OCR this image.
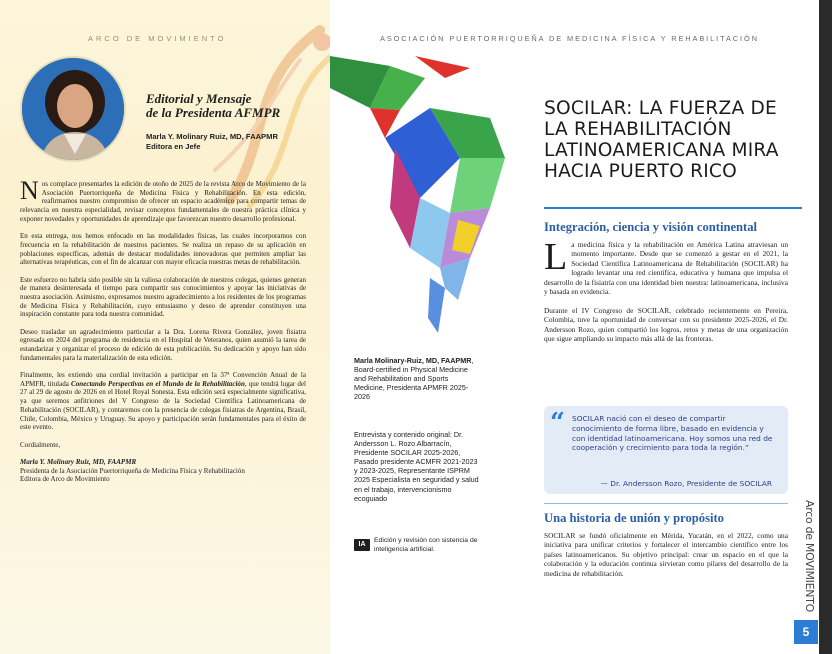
ARCO DE MOVIMIENTO
Editorial y Mensaje
de la Presidenta AFMPR
Marla Y. Molinary Ruiz, MD, FAAPMR
Editora en Jefe

Nos complace presentarles la edición de otoño de 2025 de la revista Arco de Movimiento de la Asociación Puertorriqueña de Medicina Física y Rehabilitación. En esta edición, reafirmamos nuestro compromiso de ofrecer un espacio académico para compartir temas de relevancia en nuestra especialidad, revisar conceptos fundamentales de nuestra práctica clínica y exponer novedades y oportunidades de aprendizaje que favorezcan nuestro desarrollo profesional.

En esta entrega, nos hemos enfocado en las modalidades físicas, las cuales incorporamos con frecuencia en la rehabilitación de nuestros pacientes. Se realiza un repaso de su aplicación en poblaciones específicas, además de destacar modalidades innovadoras que permiten ampliar las alternativas terapéuticas, con el fin de alcanzar con mayor eficacia nuestras metas de rehabilitación.

Este esfuerzo no habría sido posible sin la valiosa colaboración de nuestros colegas, quienes generan de manera desinteresada el tiempo para compartir sus conocimientos y apoyar las iniciativas de nuestra asociación. Asimismo, expresamos nuestro agradecimiento a los residentes de los programas de Medicina Física y Rehabilitación, cuyo entusiasmo y deseo de aprender constituyen una inspiración constante para toda nuestra comunidad.

Deseo trasladar un agradecimiento particular a la Dra. Lorena Rivera González, joven fisiatra egresada en 2024 del programa de residencia en el Hospital de Veteranos, quien asumió la tarea de estandarizar y organizar el proceso de edición de esta publicación. Su dedicación y apoyo han sido fundamentales para la materialización de esta edición.

Finalmente, les extiendo una cordial invitación a participar en la 37ª Convención Anual de la APMFR, titulada Conectando Perspectivas en el Mundo de la Rehabilitación, que tendrá lugar del 27 al 29 de agosto de 2026 en el Hotel Royal Sonesta. Esta edición será especialmente significativa, ya que seremos anfitriones del V Congreso de la Sociedad Científica Latinoamericana de Rehabilitación (SOCILAR), y contaremos con la presencia de colegas fisiatras de Argentina, Brasil, Chile, Colombia, México y Uruguay. Su apoyo y participación serán fundamentales para el éxito de este evento.

Cordialmente,

Marla Y. Molinary Ruiz, MD, FAAPMR

Presidenta de la Asociación Puertorriqueña de Medicina Física y Rehabilitación

Editora de Arco de Movimiento

ASOCIACIÓN PUERTORRIQUEÑA DE MEDICINA FÍSICA Y REHABILITACIÓN
SOCILAR: LA FUERZA DE LA REHABILITACIÓN LATINOAMERICANA MIRA HACIA PUERTO RICO
Integración, ciencia y visión continental

La medicina física y la rehabilitación en América Latina atraviesan un momento importante. Desde que se comenzó a gestar en el 2021, la Sociedad Científica Latinoamericana de Rehabilitación (SOCILAR) ha logrado levantar una red científica, educativa y humana que impulsa el desarrollo de la fisiatría con una identidad bien nuestra: latinoamericana, inclusiva y basada en evidencia.

Durante el IV Congreso de SOCILAR, celebrado recientemente en Pereira, Colombia, tuve la oportunidad de conversar con su presidente 2025-2026, el Dr. Andersson Rozo, quien compartió los logros, retos y metas de una organización que sigue ampliando su impacto más allá de las fronteras.

“ SOCILAR nació con el deseo de compartir conocimiento de forma libre, basado en evidencia y con identidad latinoamericana. Hoy somos una red de cooperación y crecimiento para toda la región.”
— Dr. Andersson Rozo, Presidente de SOCILAR
Una historia de unión y propósito

SOCILAR se fundó oficialmente en Mérida, Yucatán, en el 2022, como una iniciativa para unificar criterios y fortalecer el intercambio científico entre los países latinoamericanos. Su objetivo principal: crear un espacio en el que la colaboración y la educación continua sirvieran como pilares del desarrollo de la medicina de rehabilitación.

Marla Molinary-Ruiz, MD, FAAPMR, Board-certified in Physical Medicine and Rehabilitation and Sports Medicine, Presidenta APMFR 2025-2026
Entrevista y contenido original: Dr. Andersson L. Rozo Albarracín, Presidente SOCILAR 2025-2026, Pasado presidente ACMFR 2021-2023 y 2023-2025, Representante ISPRM 2025 Especialista en seguridad y salud en el trabajo, intervencionismo ecoguiado
IA
Edición y revisión con sistencia de inteligencia artificial.	Arco de MOVIMIENTO
5
